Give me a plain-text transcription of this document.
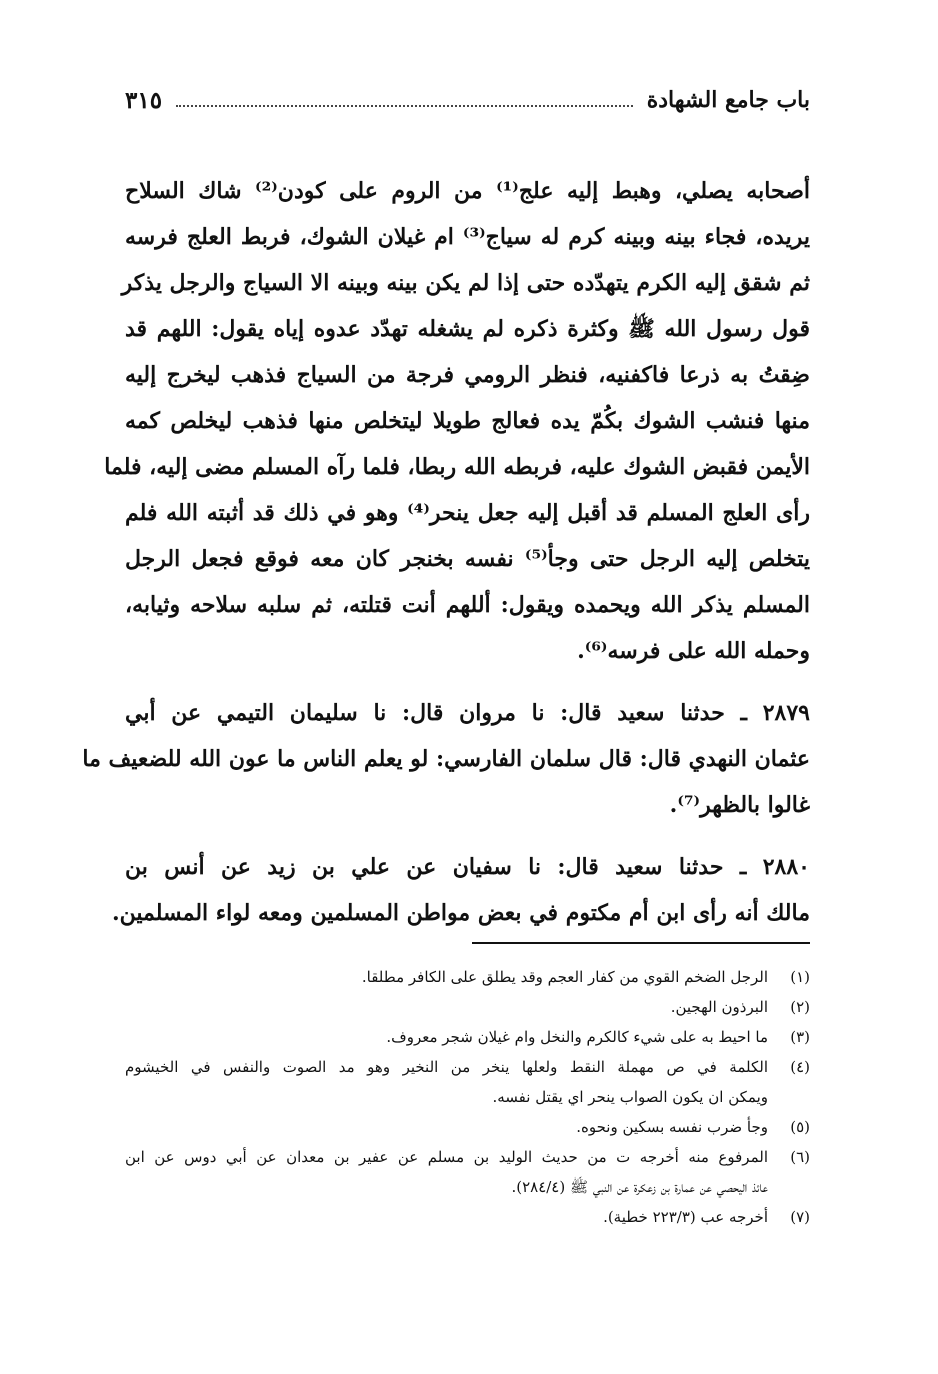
باب جامع الشهادة
٣١٥
أصحابه يصلي، وهبط إليه علج⁽¹⁾ من الروم على كودن⁽²⁾ شاك السلاح
يريده، فجاء بينه وبينه كرم له سياج⁽³⁾ ام غيلان الشوك، فربط العلج فرسه
ثم شقق إليه الكرم يتهدّده حتى إذا لم يكن بينه وبينه الا السياج والرجل يذكر
قول رسول الله ﷺ وكثرة ذكره لم يشغله تهدّد عدوه إياه يقول: اللهم قد
ضِقتُ به ذرعا فاكفنيه، فنظر الرومي فرجة من السياج فذهب ليخرج إليه
منها فنشب الشوك بكُمّ يده فعالج طويلا ليتخلص منها فذهب ليخلص كمه
الأيمن فقبض الشوك عليه، فربطه الله ربطا، فلما رآه المسلم مضى إليه، فلما
رأى العلج المسلم قد أقبل إليه جعل ينحر⁽⁴⁾ وهو في ذلك قد أثبته الله فلم
يتخلص إليه الرجل حتى وجأ⁽⁵⁾ نفسه بخنجر كان معه فوقع فجعل الرجل
المسلم يذكر الله ويحمده ويقول: أللهم أنت قتلته، ثم سلبه سلاحه وثيابه،
وحمله الله على فرسه⁽⁶⁾.
٢٨٧٩ ـ حدثنا سعيد قال: نا مروان قال: نا سليمان التيمي عن أبي
عثمان النهدي قال: قال سلمان الفارسي: لو يعلم الناس ما عون الله للضعيف ما
غالوا بالظهر⁽⁷⁾.
٢٨٨٠ ـ حدثنا سعيد قال: نا سفيان عن علي بن زيد عن أنس بن
مالك أنه رأى ابن أم مكتوم في بعض مواطن المسلمين ومعه لواء المسلمين.
(١)
الرجل الضخم القوي من كفار العجم وقد يطلق على الكافر مطلقا.
(٢)
البرذون الهجين.
(٣)
ما احيط به على شيء كالكرم والنخل وام غيلان شجر معروف.
(٤)
الكلمة في ص مهملة النقط ولعلها ينخر من النخير وهو مد الصوت والنفس في الخيشوم
ويمكن ان يكون الصواب ينحر اي يقتل نفسه.
(٥)
وجأ ضرب نفسه بسكين ونحوه.
(٦)
المرفوع منه أخرجه ت من حديث الوليد بن مسلم عن عفير بن معدان عن أبي دوس عن ابن
عائذ اليحصي عن عمارة بن زعكرة عن النبي ﷺ (٢٨٤/٤).
(٧)
أخرجه عب (٢٢٣/٣ خطية).
